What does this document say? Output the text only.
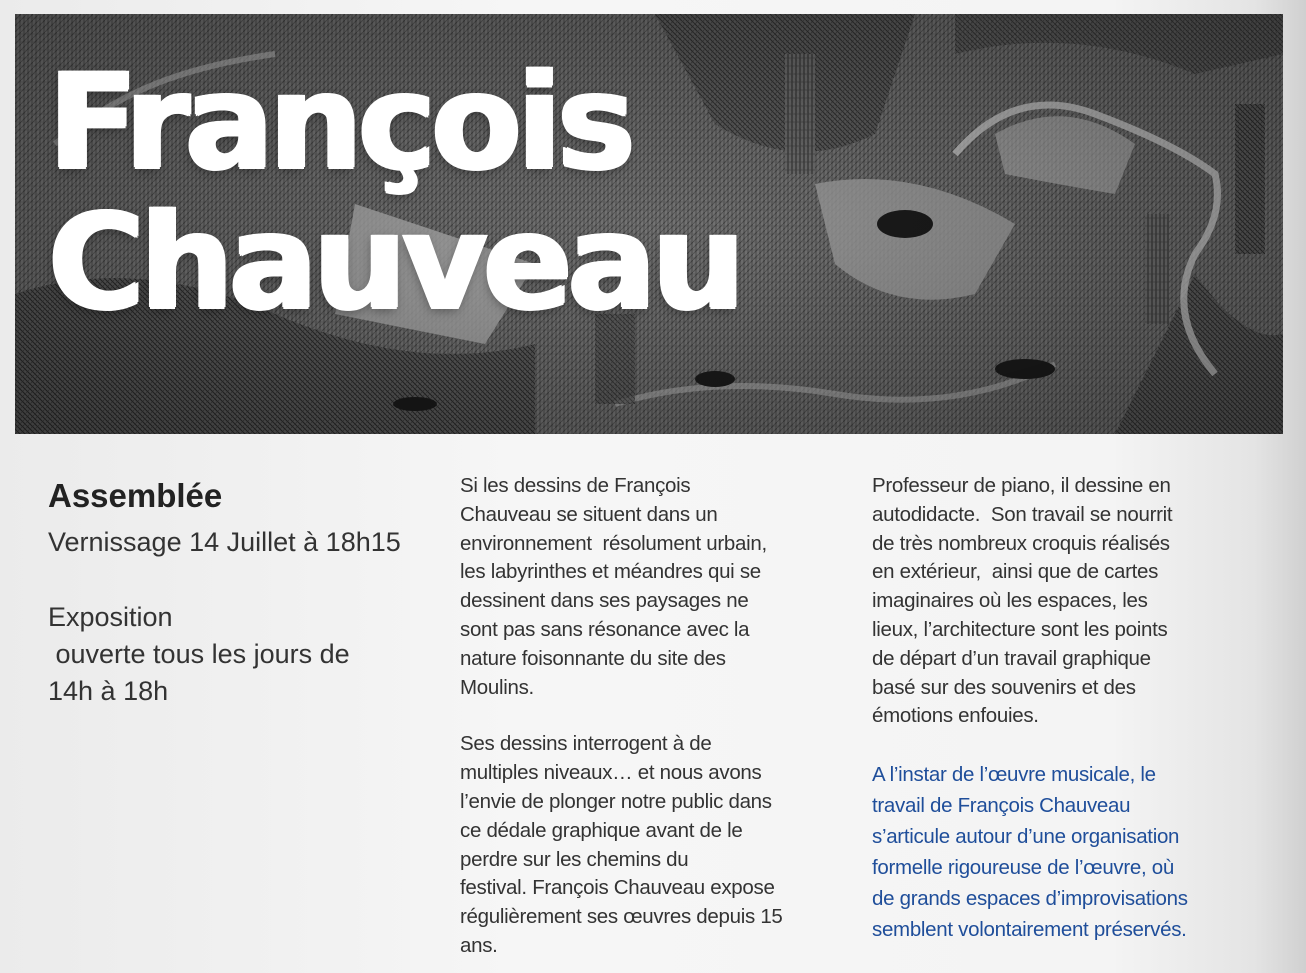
François
Chauveau
Assemblée

Vernissage 14 Juillet à 18h15

Exposition

ouverte tous les jours de

14h à 18h

Si les dessins de François

Chauveau se situent dans un

environnement  résolument urbain,

les labyrinthes et méandres qui se

dessinent dans ses paysages ne

sont pas sans résonance avec la

nature foisonnante du site des

Moulins.

Ses dessins interrogent à de

multiples niveaux… et nous avons

l’envie de plonger notre public dans

ce dédale graphique avant de le

perdre sur les chemins du

festival. François Chauveau expose

régulièrement ses œuvres depuis 15

ans.

Professeur de piano, il dessine en

autodidacte.  Son travail se nourrit

de très nombreux croquis réalisés

en extérieur,  ainsi que de cartes

imaginaires où les espaces, les

lieux, l’architecture sont les points

de départ d’un travail graphique

basé sur des souvenirs et des

émotions enfouies.

A l’instar de l’œuvre musicale, le

travail de François Chauveau

s’articule autour d’une organisation

formelle rigoureuse de l’œuvre, où

de grands espaces d’improvisations

semblent volontairement préservés.
